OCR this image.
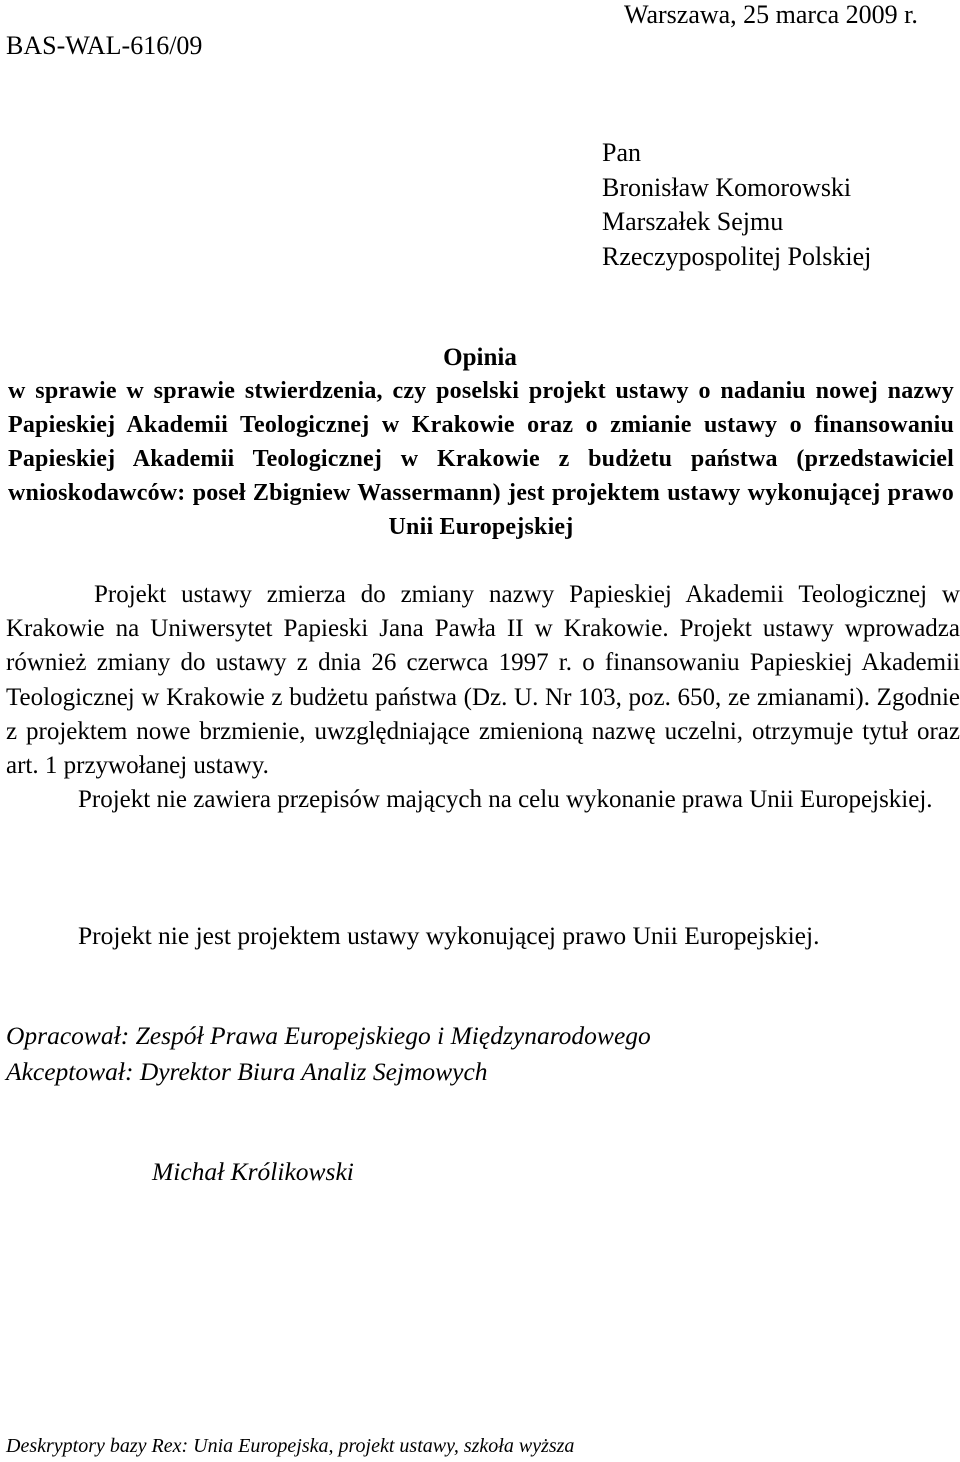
BAS-WAL-616/09
Warszawa, 25 marca 2009 r.
Pan
Bronisław Komorowski
Marszałek Sejmu
Rzeczypospolitej Polskiej
Opinia
w sprawie w sprawie stwierdzenia, czy poselski projekt ustawy o nadaniu nowej nazwy Papieskiej Akademii Teologicznej w Krakowie oraz o zmianie ustawy o finansowaniu Papieskiej Akademii Teologicznej w Krakowie z budżetu państwa (przedstawiciel wnioskodawców: poseł Zbigniew Wassermann) jest projektem ustawy wykonującej prawo Unii Europejskiej

Projekt ustawy zmierza do zmiany nazwy Papieskiej Akademii Teologicznej w Krakowie na Uniwersytet Papieski Jana Pawła II w Krakowie. Projekt ustawy wprowadza również zmiany do ustawy z dnia 26 czerwca 1997 r. o finansowaniu Papieskiej Akademii Teologicznej w Krakowie z budżetu państwa (Dz. U. Nr 103, poz. 650, ze zmianami). Zgodnie z projektem nowe brzmienie, uwzględniające zmienioną nazwę uczelni, otrzymuje tytuł oraz art. 1 przywołanej ustawy.

Projekt nie zawiera przepisów mających na celu wykonanie prawa Unii Europejskiej.

Projekt nie jest projektem ustawy wykonującej prawo Unii Europejskiej.
Opracował: Zespół Prawa Europejskiego i Międzynarodowego
Akceptował: Dyrektor Biura Analiz Sejmowych
Michał Królikowski
Deskryptory bazy Rex: Unia Europejska, projekt ustawy, szkoła wyższa
